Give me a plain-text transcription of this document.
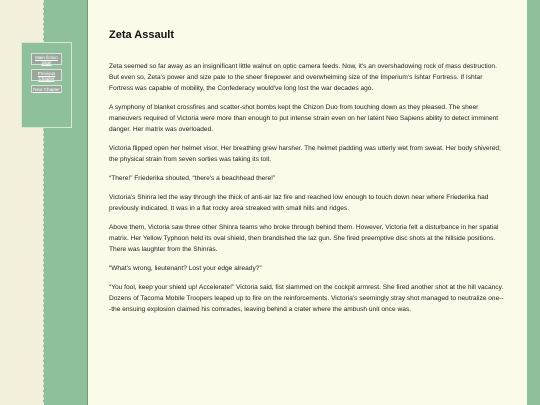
Main fiction page
Previous Chapter
Next Chapter
Zeta Assault

Zeta seemed so far away as an insignificant little walnut on optic camera feeds. Now, it's an overshadowing rock of mass destruction. But even so, Zeta's power and size pale to the sheer firepower and overwhelming size of the Imperium's Ishtar Fortress. If Ishtar Fortress was capable of mobility, the Confederacy would've long lost the war decades ago.

A symphony of blanket crossfires and scatter-shot bombs kept the Chizon Duo from touching down as they pleased. The sheer maneuvers required of Victoria were more than enough to put intense strain even on her latent Neo Sapiens ability to detect imminent danger. Her matrix was overloaded.

Victoria flipped open her helmet visor. Her breathing grew harsher. The helmet padding was utterly wet from sweat. Her body shivered; the physical strain from seven sorties was taking its toll.

“There!” Friederika shouted, “there's a beachhead there!”

Victoria's Shinra led the way through the thick of anti-air laz fire and reached low enough to touch down near where Friederika had previously indicated. It was in a flat rocky area streaked with small hills and ridges.

Above them, Victoria saw three other Shinra teams who broke through behind them. However, Victoria felt a disturbance in her spatial matrix. Her Yellow Typhoon held its oval shield, then brandished the laz gun. She fired preemptive disc shots at the hillside positions. There was laughter from the Shinras.

“What's wrong, lieutenant? Lost your edge already?”

“You fool, keep your shield up! Accelerate!” Victoria said, fist slammed on the cockpit armrest. She fired another shot at the hill vacancy. Dozens of Tacoma Mobile Troopers leaped up to fire on the reinforcements. Victoria's seemingly stray shot managed to neutralize one---the ensuing explosion claimed his comrades, leaving behind a crater where the ambush unit once was.
